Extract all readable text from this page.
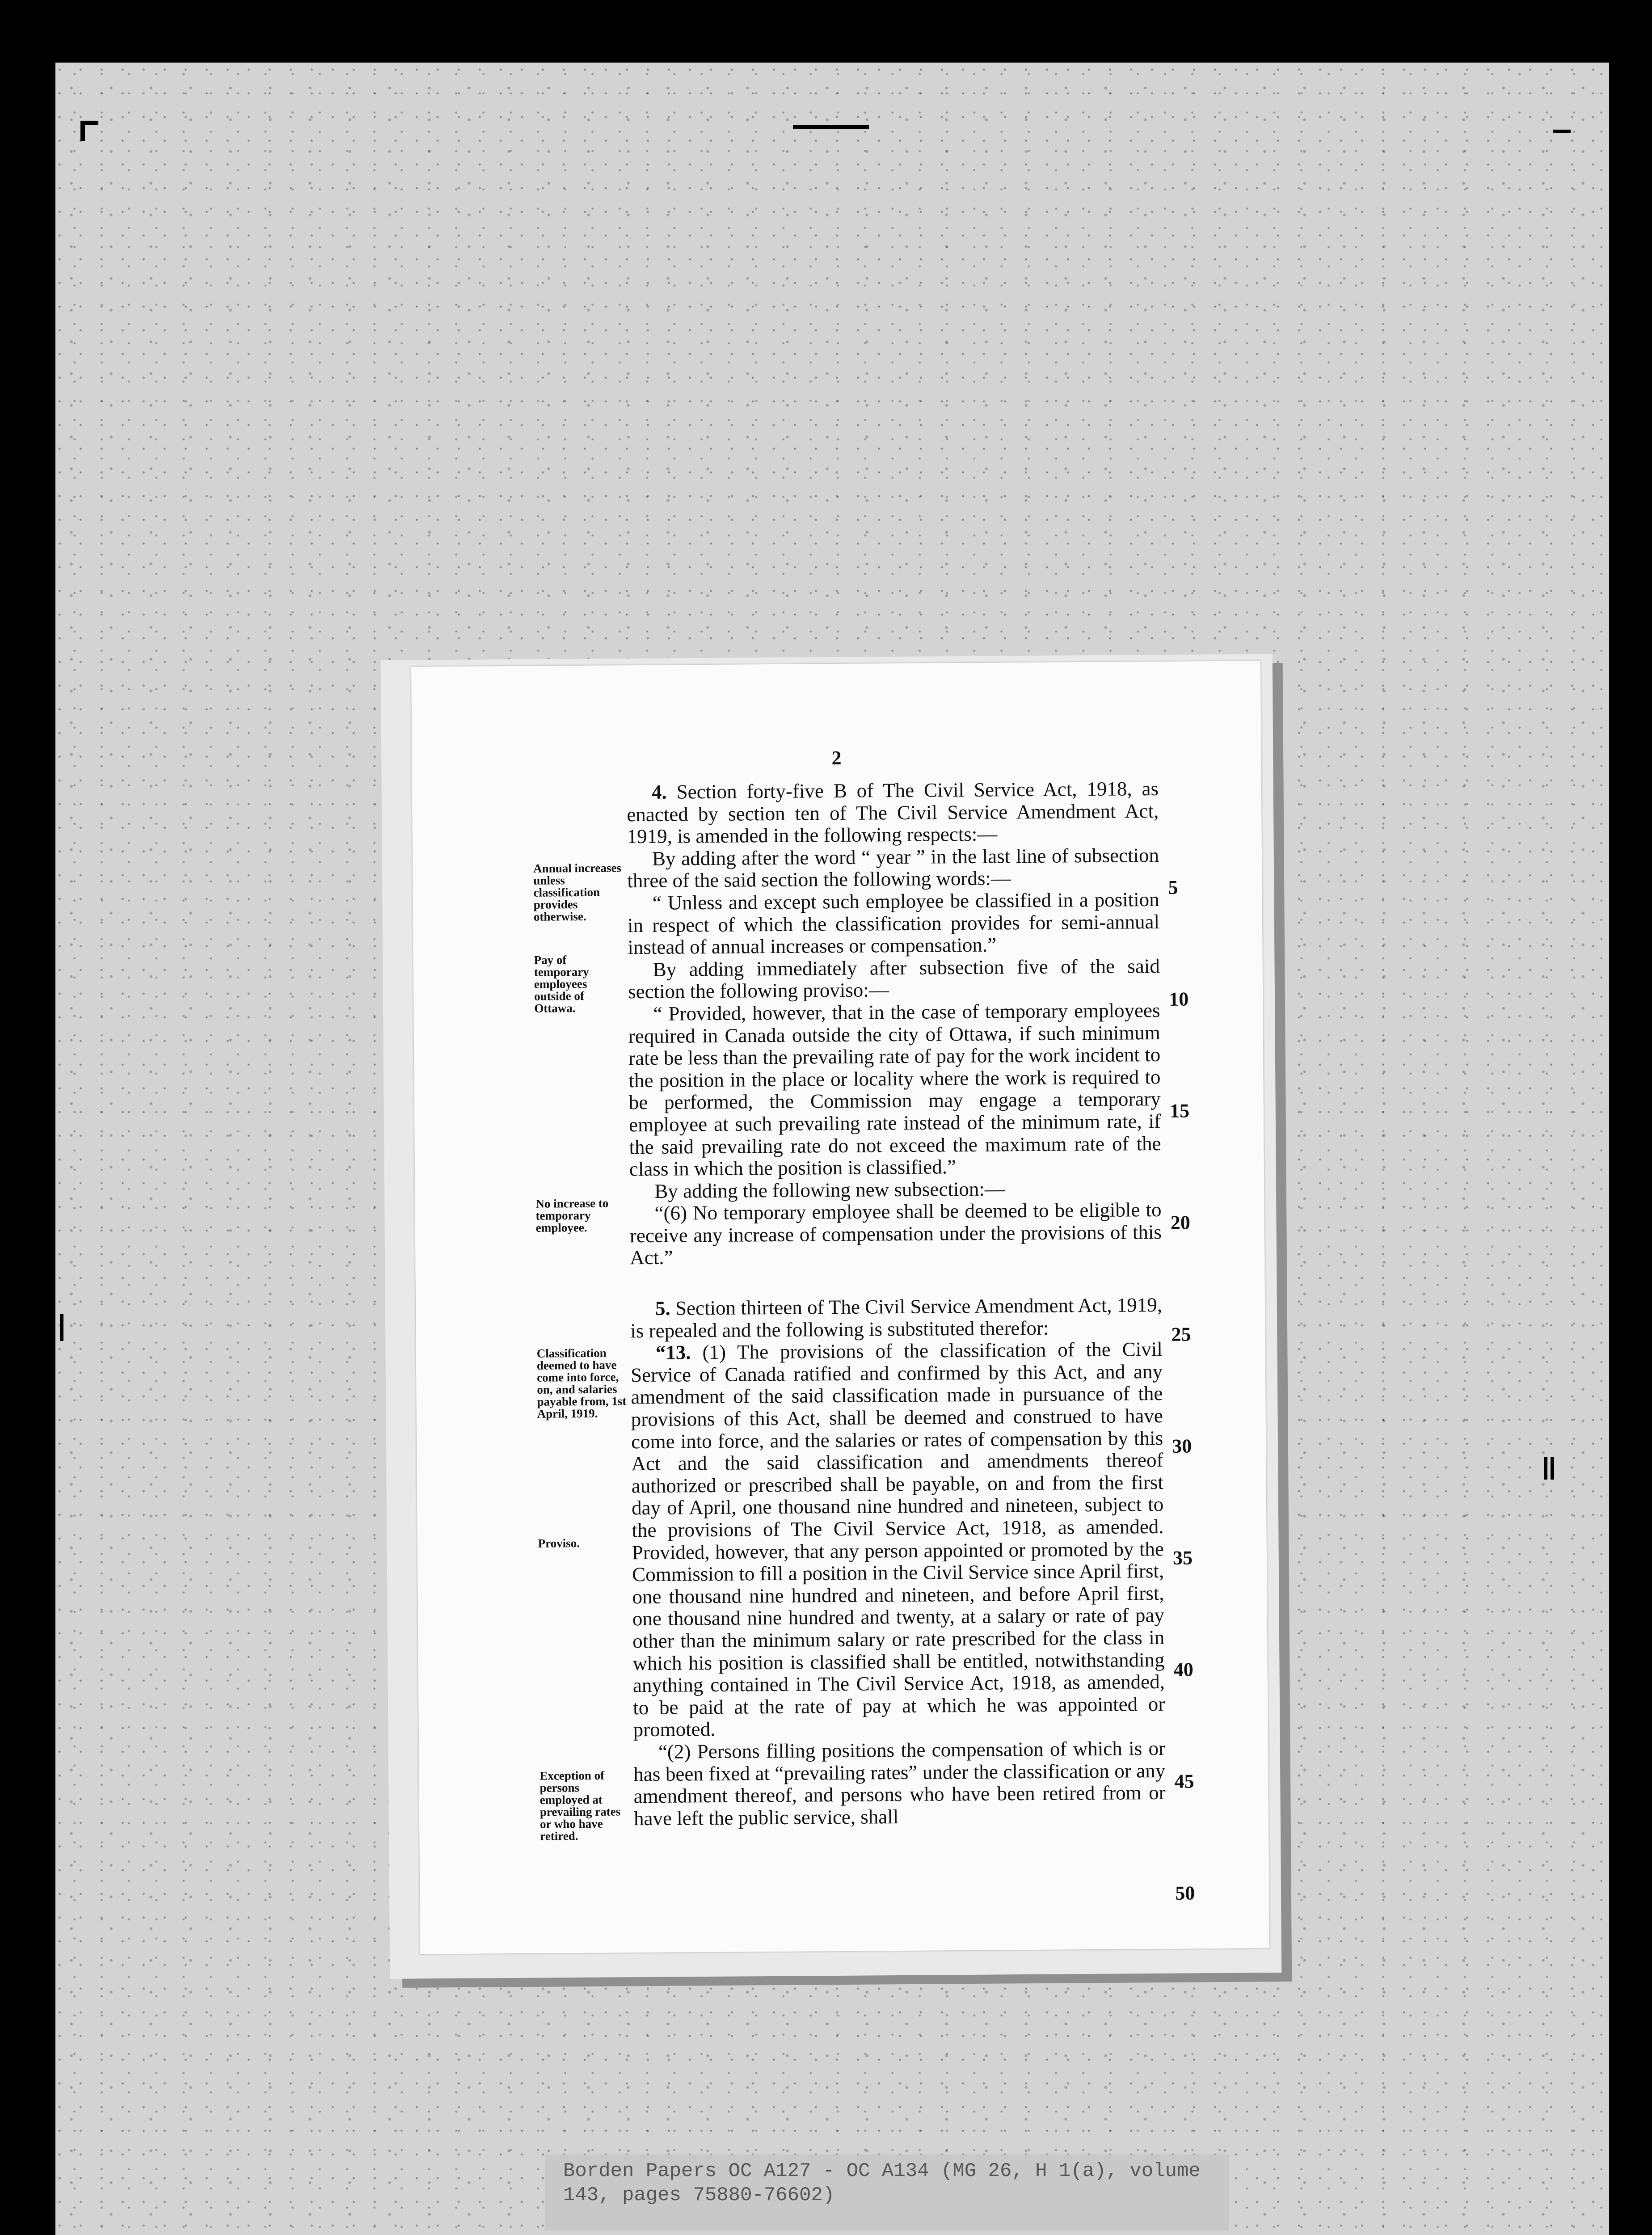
2
Annual increases unless classification provides otherwise.
Pay of temporary employees outside of Ottawa.
No increase to temporary employee.
Classification deemed to have come into force, on, and salaries payable from, 1st April, 1919.
Proviso.
Exception of persons employed at prevailing rates or who have retired.

4. Section forty-five B of The Civil Service Act, 1918, as enacted by section ten of The Civil Service Amendment Act, 1919, is amended in the following respects:—

By adding after the word “ year ” in the last line of subsection three of the said section the following words:—

“ Unless and except such employee be classified in a position in respect of which the classification provides for semi-annual instead of annual increases or compensation.”

By adding immediately after subsection five of the said section the following proviso:—

“ Provided, however, that in the case of temporary employees required in Canada outside the city of Ottawa, if such minimum rate be less than the prevailing rate of pay for the work incident to the position in the place or locality where the work is required to be performed, the Commission may engage a temporary employee at such prevailing rate instead of the minimum rate, if the said prevailing rate do not exceed the maximum rate of the class in which the position is classified.”

By adding the following new subsection:—

“(6) No temporary employee shall be deemed to be eligible to receive any increase of compensation under the provisions of this Act.”

5. Section thirteen of The Civil Service Amendment Act, 1919, is repealed and the following is substituted therefor:

“13. (1) The provisions of the classification of the Civil Service of Canada ratified and confirmed by this Act, and any amendment of the said classification made in pursuance of the provisions of this Act, shall be deemed and construed to have come into force, and the salaries or rates of compensation by this Act and the said classification and amendments thereof authorized or prescribed shall be payable, on and from the first day of April, one thousand nine hundred and nineteen, subject to the provisions of The Civil Service Act, 1918, as amended. Provided, however, that any person appointed or promoted by the Commission to fill a position in the Civil Service since April first, one thousand nine hundred and nineteen, and before April first, one thousand nine hundred and twenty, at a salary or rate of pay other than the minimum salary or rate prescribed for the class in which his position is classified shall be entitled, notwithstanding anything contained in The Civil Service Act, 1918, as amended, to be paid at the rate of pay at which he was appointed or promoted.

“(2) Persons filling positions the compensation of which is or has been fixed at “prevailing rates” under the classification or any amendment thereof, and persons who have been retired from or have left the public service, shall

5
10
15
20
25
30
35
40
45
50
Borden Papers OC A127 - OC A134 (MG 26, H 1(a), volume 143, pages 75880-76602)
